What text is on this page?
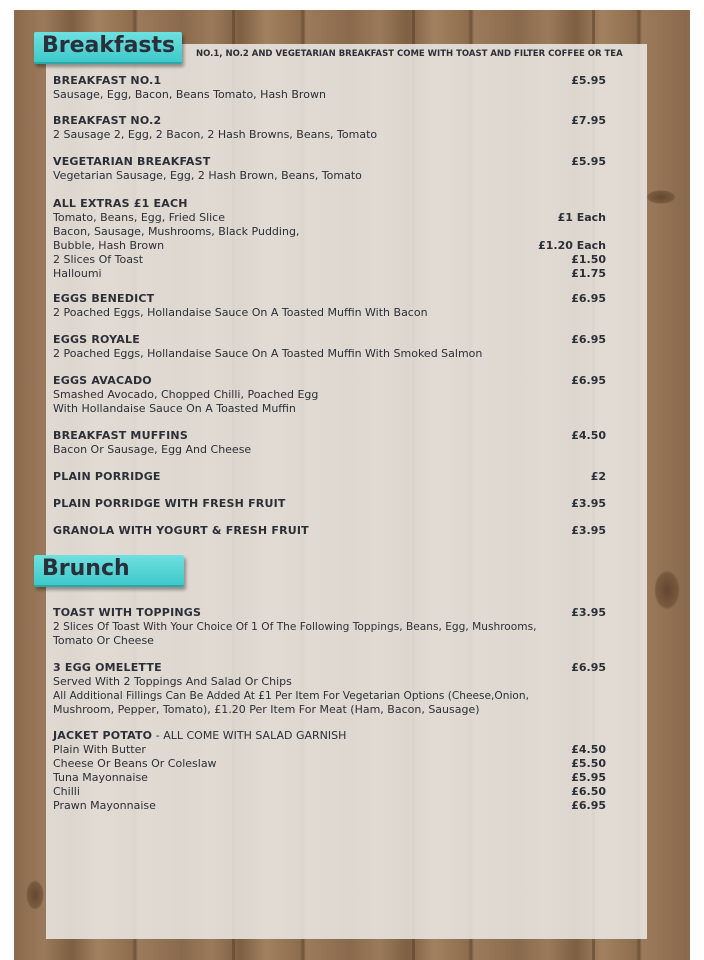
Breakfasts NO.1, NO.2 AND VEGETARIAN BREAKFAST COME WITH TOAST AND FILTER COFFEE OR TEA
BREAKFAST NO.1	£5.95
Sausage, Egg, Bacon, Beans Tomato, Hash Brown
BREAKFAST NO.2	£7.95
2 Sausage 2, Egg, 2 Bacon, 2 Hash Browns, Beans, Tomato
VEGETARIAN BREAKFAST	£5.95
Vegetarian Sausage, Egg, 2 Hash Brown, Beans, Tomato
ALL EXTRAS £1 EACH
Tomato, Beans, Egg, Fried Slice	£1 Each
Bacon, Sausage, Mushrooms, Black Pudding,
Bubble, Hash Brown	£1.20 Each
2 Slices Of Toast	£1.50
Halloumi	£1.75
EGGS BENEDICT	£6.95
2 Poached Eggs, Hollandaise Sauce On A Toasted Muffin With Bacon
EGGS ROYALE	£6.95
2 Poached Eggs, Hollandaise Sauce On A Toasted Muffin With Smoked Salmon
EGGS AVACADO	£6.95
Smashed Avocado, Chopped Chilli, Poached Egg
With Hollandaise Sauce On A Toasted Muffin
BREAKFAST MUFFINS	£4.50
Bacon Or Sausage, Egg And Cheese
PLAIN PORRIDGE	£2
PLAIN PORRIDGE WITH FRESH FRUIT	£3.95
GRANOLA WITH YOGURT & FRESH FRUIT	£3.95
Brunch
TOAST WITH TOPPINGS	£3.95
2 Slices Of Toast With Your Choice Of 1 Of The Following Toppings, Beans, Egg, Mushrooms,
Tomato Or Cheese
3 EGG OMELETTE	£6.95
Served With 2 Toppings And Salad Or Chips
All Additional Fillings Can Be Added At £1 Per Item For Vegetarian Options (Cheese,Onion,
Mushroom, Pepper, Tomato), £1.20 Per Item For Meat (Ham, Bacon, Sausage)
JACKET POTATO - ALL COME WITH SALAD GARNISH
Plain With Butter	£4.50
Cheese Or Beans Or Coleslaw	£5.50
Tuna Mayonnaise	£5.95
Chilli	£6.50
Prawn Mayonnaise	£6.95
